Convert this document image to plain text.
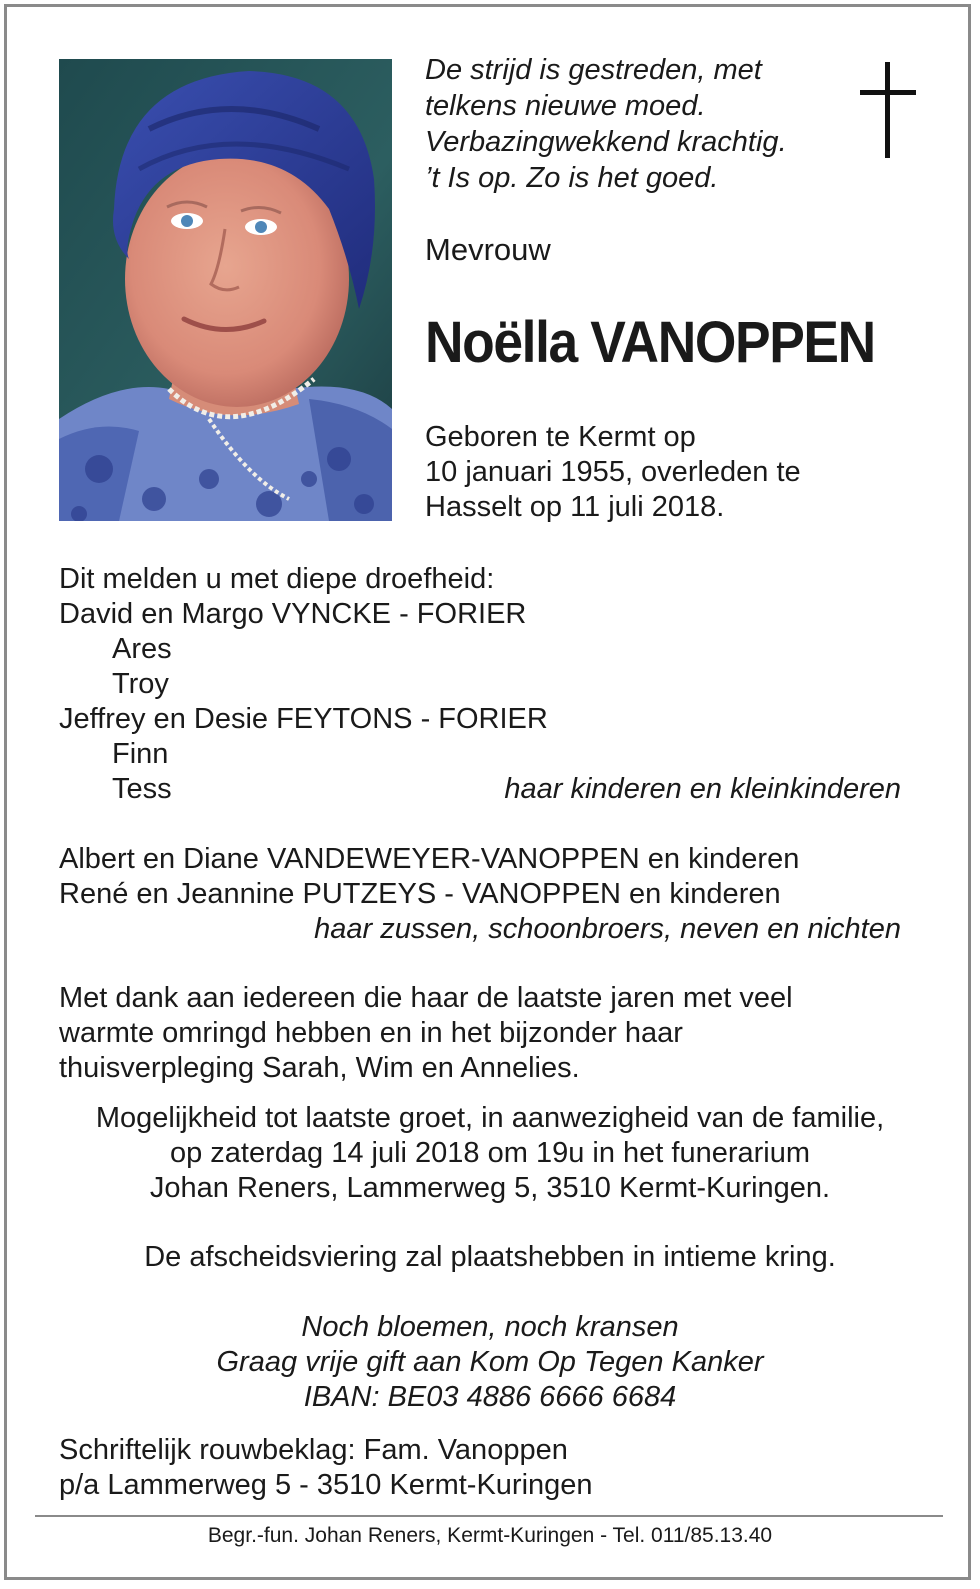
De strijd is gestreden, met
telkens nieuwe moed.
Verbazingwekkend krachtig.
’t Is op. Zo is het goed.
Mevrouw
Noëlla VANOPPEN
Geboren te Kermt op
10 januari 1955, overleden te
Hasselt op 11 juli 2018.
Dit melden u met diepe droefheid:
David en Margo VYNCKE - FORIER
Ares
Troy
Jeffrey en Desie FEYTONS - FORIER
Finn
Tess	haar kinderen en kleinkinderen
Albert en Diane VANDEWEYER-VANOPPEN en kinderen
René en Jeannine PUTZEYS - VANOPPEN en kinderen
haar zussen, schoonbroers, neven en nichten
Met dank aan iedereen die haar de laatste jaren met veel
warmte omringd hebben en in het bijzonder haar
thuisverpleging Sarah, Wim en Annelies.
Mogelijkheid tot laatste groet, in aanwezigheid van de familie,
op zaterdag 14 juli 2018 om 19u in het funerarium
Johan Reners, Lammerweg 5, 3510 Kermt-Kuringen.
De afscheidsviering zal plaatshebben in intieme kring.
Noch bloemen, noch kransen
Graag vrije gift aan Kom Op Tegen Kanker
IBAN: BE03 4886 6666 6684
Schriftelijk rouwbeklag: Fam. Vanoppen
p/a Lammerweg 5 - 3510 Kermt-Kuringen
Begr.-fun. Johan Reners, Kermt-Kuringen - Tel. 011/85.13.40
